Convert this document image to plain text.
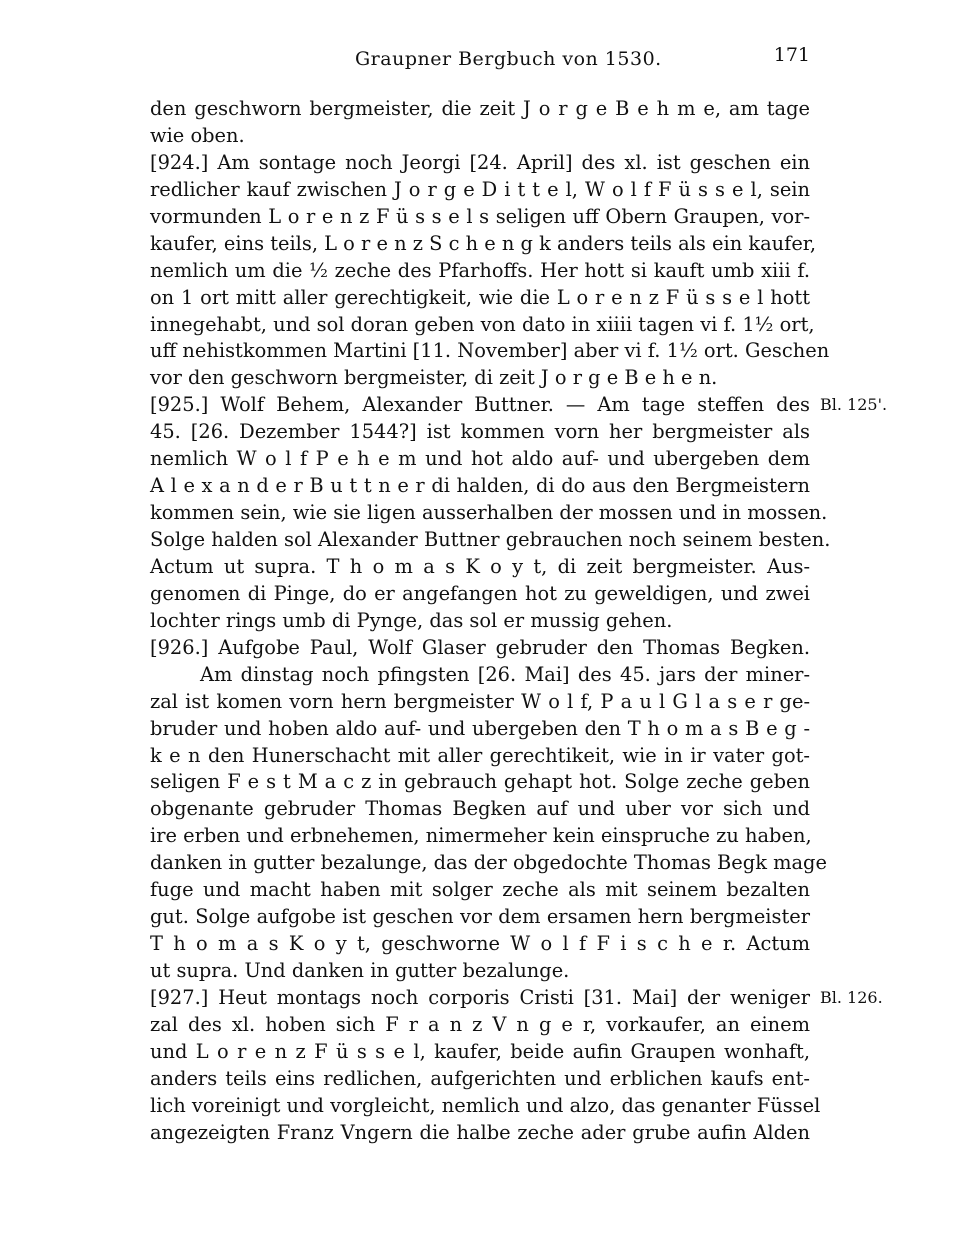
Graupner Bergbuch von 1530.	171
den geschworn bergmeister, die zeit J o r g e B e h m e, am tage
wie oben.
[924.] Am sontage noch Jeorgi [24. April] des xl. ist geschen ein
redlicher kauf zwischen J o r g e D i t t e l, W o l f F ü s s e l, sein
vormunden L o r e n z F ü s s e l s seligen uff Obern Graupen, vor-
kaufer, eins teils, L o r e n z S c h e n g k anders teils als ein kaufer,
nemlich um die ½ zeche des Pfarhoffs. Her hott si kauft umb xiii f.
on 1 ort mitt aller gerechtigkeit, wie die L o r e n z F ü s s e l hott
innegehabt, und sol doran geben von dato in xiiii tagen vi f. 1½ ort,
uff nehistkommen Martini [11. November] aber vi f. 1½ ort. Geschen
vor den geschworn bergmeister, di zeit J o r g e B e h e n.
[925.] Wolf Behem, Alexander Buttner. — Am tage steffen des Bl. 125'.
45. [26. Dezember 1544?] ist kommen vorn her bergmeister als
nemlich W o l f P e h e m und hot aldo auf- und ubergeben dem
A l e x a n d e r B u t t n e r di halden, di do aus den Bergmeistern
kommen sein, wie sie ligen ausserhalben der mossen und in mossen.
Solge halden sol Alexander Buttner gebrauchen noch seinem besten.
Actum ut supra. T h o m a s K o y t, di zeit bergmeister. Aus-
genomen di Pinge, do er angefangen hot zu geweldigen, und zwei
lochter rings umb di Pynge, das sol er mussig gehen.
[926.] Aufgobe Paul, Wolf Glaser gebruder den Thomas Begken.
Am dinstag noch pfingsten [26. Mai] des 45. jars der miner-
zal ist komen vorn hern bergmeister W o l f, P a u l G l a s e r ge-
bruder und hoben aldo auf- und ubergeben den T h o m a s B e g -
k e n den Hunerschacht mit aller gerechtikeit, wie in ir vater got-
seligen F e s t M a c z in gebrauch gehapt hot. Solge zeche geben
obgenante gebruder Thomas Begken auf und uber vor sich und
ire erben und erbnehemen, nimermeher kein einspruche zu haben,
danken in gutter bezalunge, das der obgedochte Thomas Begk mage
fuge und macht haben mit solger zeche als mit seinem bezalten
gut. Solge aufgobe ist geschen vor dem ersamen hern bergmeister
T h o m a s K o y t, geschworne W o l f F i s c h e r. Actum
ut supra. Und danken in gutter bezalunge.
[927.] Heut montags noch corporis Cristi [31. Mai] der weniger Bl. 126.
zal des xl. hoben sich F r a n z V n g e r, vorkaufer, an einem
und L o r e n z F ü s s e l, kaufer, beide aufin Graupen wonhaft,
anders teils eins redlichen, aufgerichten und erblichen kaufs ent-
lich voreinigt und vorgleicht, nemlich und alzo, das genanter Füssel
angezeigten Franz Vngern die halbe zeche ader grube aufin Alden
